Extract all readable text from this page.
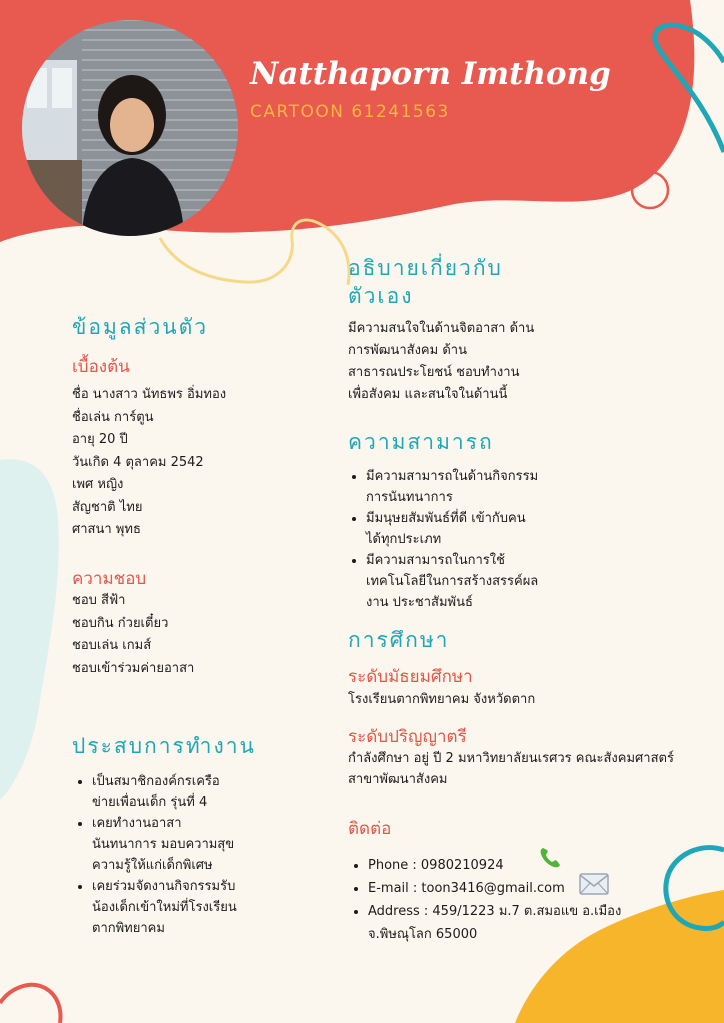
Natthaporn Imthong
CARTOON 61241563
ข้อมูลส่วนตัว
เบื้องต้น
ชื่อ นางสาว นัทธพร อิ่มทอง
ชื่อเล่น การ์ตูน
อายุ 20 ปี
วันเกิด 4 ตุลาคม 2542
เพศ หญิง
สัญชาติ ไทย
ศาสนา พุทธ
ความชอบ
ชอบ สีฟ้า
ชอบกิน ก๋วยเตี๋ยว
ชอบเล่น เกมส์
ชอบเข้าร่วมค่ายอาสา
ประสบการทำงาน
• เป็นสมาชิกองค์กรเครือ
ข่ายเพื่อนเด็ก รุ่นที่ 4
• เคยทำงานอาสา
นันทนาการ มอบความสุข
ความรู้ให้แก่เด็กพิเศษ
• เคยร่วมจัดงานกิจกรรมรับ
น้องเด็กเข้าใหม่ที่โรงเรียน
ตากพิทยาคม
อธิบายเกี่ยวกับ
ตัวเอง
มีความสนใจในด้านจิตอาสา ด้าน
การพัฒนาสังคม ด้าน
สาธารณประโยชน์ ชอบทำงาน
เพื่อสังคม และสนใจในด้านนี้
ความสามารถ
• มีความสามารถในด้านกิจกรรม
การนันทนาการ
• มีมนุษยสัมพันธ์ที่ดี เข้ากับคน
ได้ทุกประเภท
• มีความสามารถในการใช้
เทคโนโลยีในการสร้างสรรค์ผล
งาน ประชาสัมพันธ์
การศึกษา
ระดับมัธยมศึกษา

โรงเรียนตากพิทยาคม จังหวัดตาก

ระดับปริญญาตรี
กำลังศึกษา อยู่ ปี 2 มหาวิทยาลัยนเรศวร คณะสังคมศาสตร์
สาขาพัฒนาสังคม
ติดต่อ
• Phone : 0980210924
• E-mail : toon3416@gmail.com
• Address : 459/1223 ม.7 ต.สมอแข อ.เมือง
จ.พิษณุโลก 65000
